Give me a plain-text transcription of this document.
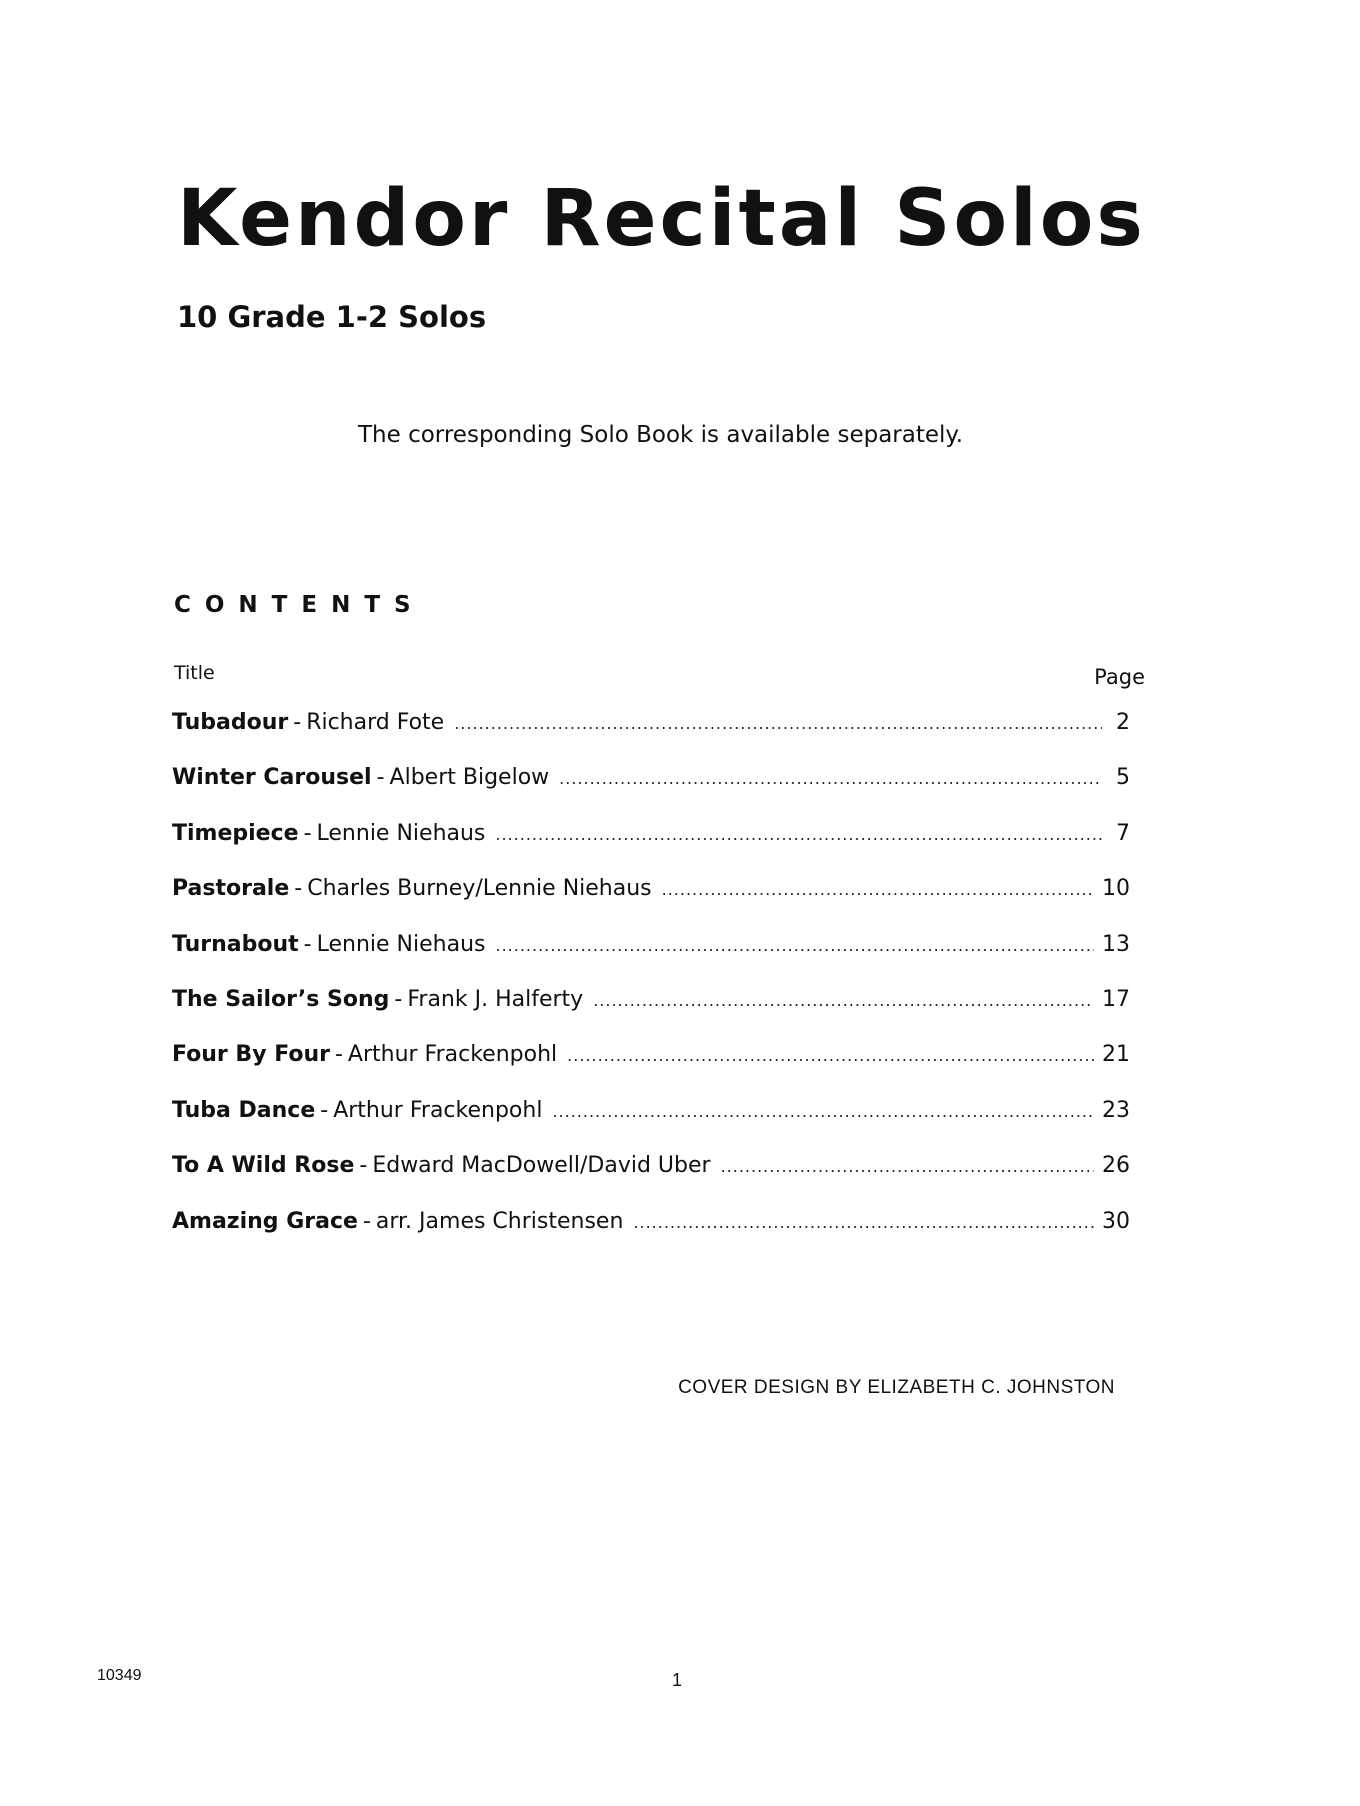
Kendor Recital Solos
10 Grade 1-2 Solos
The corresponding Solo Book is available separately.
CONTENTS
Title	Page
Tubadour - Richard Fote .....	2
Winter Carousel - Albert Bigelow .....	5
Timepiece - Lennie Niehaus .....	7
Pastorale - Charles Burney/Lennie Niehaus .....	10
Turnabout - Lennie Niehaus .....	13
The Sailor’s Song - Frank J. Halferty .....	17
Four By Four - Arthur Frackenpohl .....	21
Tuba Dance - Arthur Frackenpohl .....	23
To A Wild Rose - Edward MacDowell/David Uber .....	26
Amazing Grace - arr. James Christensen .....	30
COVER DESIGN BY ELIZABETH C. JOHNSTON
10349	1
